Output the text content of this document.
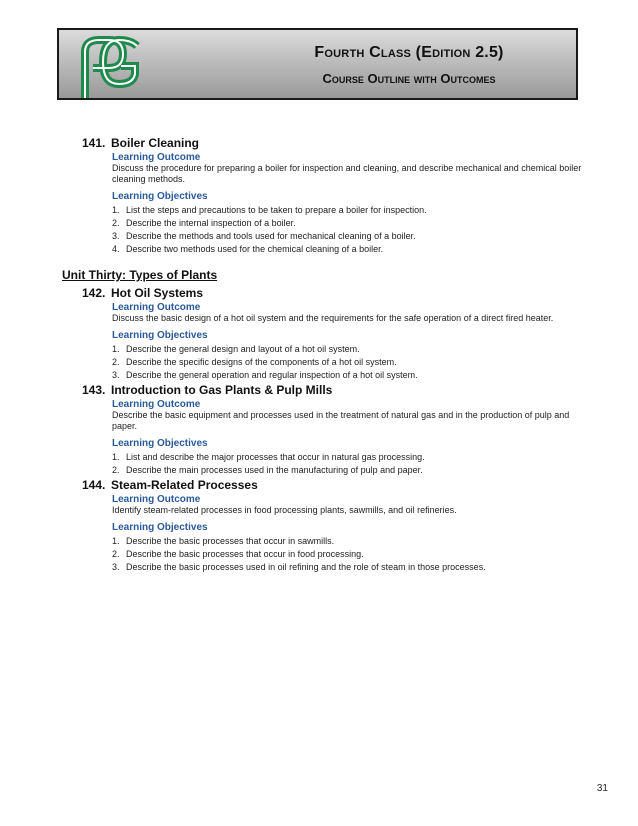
Fourth Class (Edition 2.5)
Course Outline with Outcomes
141. Boiler Cleaning
Learning Outcome
Discuss the procedure for preparing a boiler for inspection and cleaning, and describe mechanical and chemical boiler cleaning methods.
Learning Objectives
1. List the steps and precautions to be taken to prepare a boiler for inspection.
2. Describe the internal inspection of a boiler.
3. Describe the methods and tools used for mechanical cleaning of a boiler.
4. Describe two methods used for the chemical cleaning of a boiler.
Unit Thirty: Types of Plants
142. Hot Oil Systems
Learning Outcome
Discuss the basic design of a hot oil system and the requirements for the safe operation of a direct fired heater.
Learning Objectives
1. Describe the general design and layout of a hot oil system.
2. Describe the specific designs of the components of a hot oil system.
3. Describe the general operation and regular inspection of a hot oil system.
143. Introduction to Gas Plants & Pulp Mills
Learning Outcome
Describe the basic equipment and processes used in the treatment of natural gas and in the production of pulp and paper.
Learning Objectives
1. List and describe the major processes that occur in natural gas processing.
2. Describe the main processes used in the manufacturing of pulp and paper.
144. Steam-Related Processes
Learning Outcome
Identify steam-related processes in food processing plants, sawmills, and oil refineries.
Learning Objectives
1. Describe the basic processes that occur in sawmills.
2. Describe the basic processes that occur in food processing.
3. Describe the basic processes used in oil refining and the role of steam in those processes.
31
